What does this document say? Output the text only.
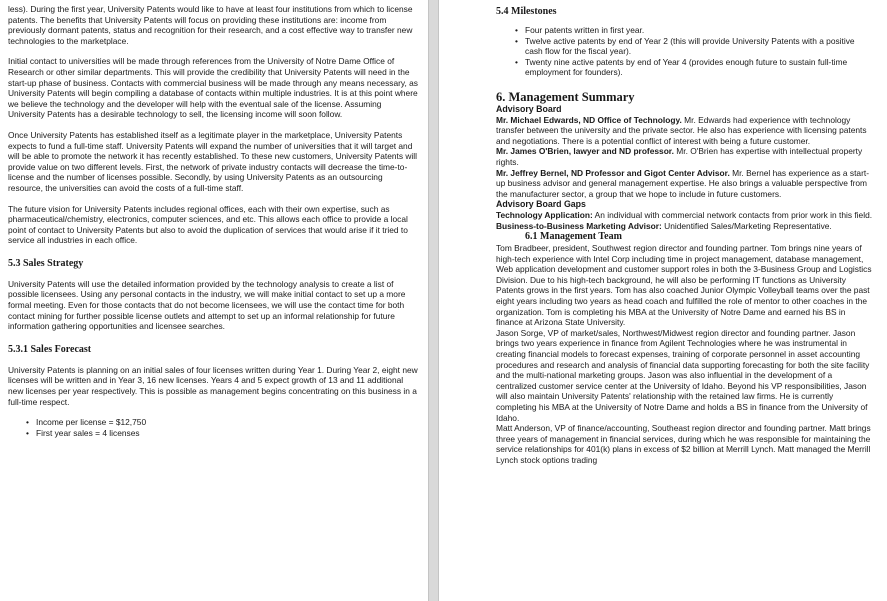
less). During the first year, University Patents would like to have at least four institutions from which to license patents. The benefits that University Patents will focus on providing these institutions are: income from previously dormant patents, status and recognition for their research, and a cost effective way to transfer new technologies to the marketplace.

Initial contact to universities will be made through references from the University of Notre Dame Office of Research or other similar departments. This will provide the credibility that University Patents will need in the start-up phase of business. Contacts with commercial business will be made through any means necessary, as University Patents will begin compiling a database of contacts within multiple industries. It is at this point where we believe the technology and the developer will help with the eventual sale of the license. Assuming University Patents has a desirable technology to sell, the licensing income will soon follow.

Once University Patents has established itself as a legitimate player in the marketplace, University Patents expects to fund a full-time staff. University Patents will expand the number of universities that it will target and will be able to promote the network it has recently established. To these new customers, University Patents will provide value on two different levels. First, the network of private industry contacts will decrease the time-to-license and the number of licenses possible. Secondly, by using University Patents as an outsourcing resource, the universities can avoid the costs of a full-time staff.

The future vision for University Patents includes regional offices, each with their own expertise, such as pharmaceutical/chemistry, electronics, computer sciences, and etc. This allows each office to provide a local point of contact to University Patents but also to avoid the duplication of services that would arise if it tried to service all industries in each office.

5.3 Sales Strategy

University Patents will use the detailed information provided by the technology analysis to create a list of possible licensees. Using any personal contacts in the industry, we will make initial contact to set up a more formal meeting. Even for those contacts that do not become licensees, we will use the contact time for both contact mining for further possible license outlets and attempt to set up an informal relationship for future information gathering opportunities and licensee searches.

5.3.1 Sales Forecast

University Patents is planning on an initial sales of four licenses written during Year 1. During Year 2, eight new licenses will be written and in Year 3, 16 new licenses. Years 4 and 5 expect growth of 13 and 11 additional new licenses per year respectively. This is possible as management begins concentrating on this business in a full-time respect.

• Income per license = $12,750
• First year sales = 4 licenses
5.4 Milestones
• Four patents written in first year.
• Twelve active patents by end of Year 2 (this will provide University Patents with a positive cash flow for the fiscal year).
• Twenty nine active patents by end of Year 4 (provides enough future to sustain full-time employment for founders).
6. Management Summary

Advisory Board

Mr. Michael Edwards, ND Office of Technology. Mr. Edwards had experience with technology transfer between the university and the private sector. He also has experience with licensing patents and negotiations. There is a potential conflict of interest with being a future customer.

Mr. James O'Brien, lawyer and ND professor. Mr. O'Brien has expertise with intellectual property rights.

Mr. Jeffrey Bernel, ND Professor and Gigot Center Advisor. Mr. Bernel has experience as a start-up business advisor and general management expertise. He also brings a valuable perspective from the manufacturer sector, a group that we hope to include in future customers.

Advisory Board Gaps

Technology Application: An individual with commercial network contacts from prior work in this field.

Business-to-Business Marketing Advisor: Unidentified Sales/Marketing Representative.

6.1 Management Team

Tom Bradbeer, president, Southwest region director and founding partner. Tom brings nine years of high-tech experience with Intel Corp including time in project management, database management, Web application development and customer support roles in both the 3-Business Group and Logistics Division. Due to his high-tech background, he will also be performing IT functions as University Patents grows in the first years. Tom has also coached Junior Olympic Volleyball teams over the past eight years including two years as head coach and fulfilled the role of mentor to other coaches in the organization. Tom is completing his MBA at the University of Notre Dame and earned his BS in finance at Arizona State University.

Jason Sorge, VP of market/sales, Northwest/Midwest region director and founding partner. Jason brings two years experience in finance from Agilent Technologies where he was instrumental in creating financial models to forecast expenses, training of corporate personnel in asset accounting procedures and research and analysis of financial data supporting forecasting for both the site facility and the multi-national marketing groups. Jason was also influential in the development of a centralized customer service center at the University of Idaho. Beyond his VP responsibilities, Jason will also maintain University Patents' relationship with the retained law firms. He is currently completing his MBA at the University of Notre Dame and holds a BS in finance from the University of Idaho.

Matt Anderson, VP of finance/accounting, Southeast region director and founding partner. Matt brings three years of management in financial services, during which he was responsible for maintaining the service relationships for 401(k) plans in excess of $2 billion at Merrill Lynch. Matt managed the Merrill Lynch stock options trading
